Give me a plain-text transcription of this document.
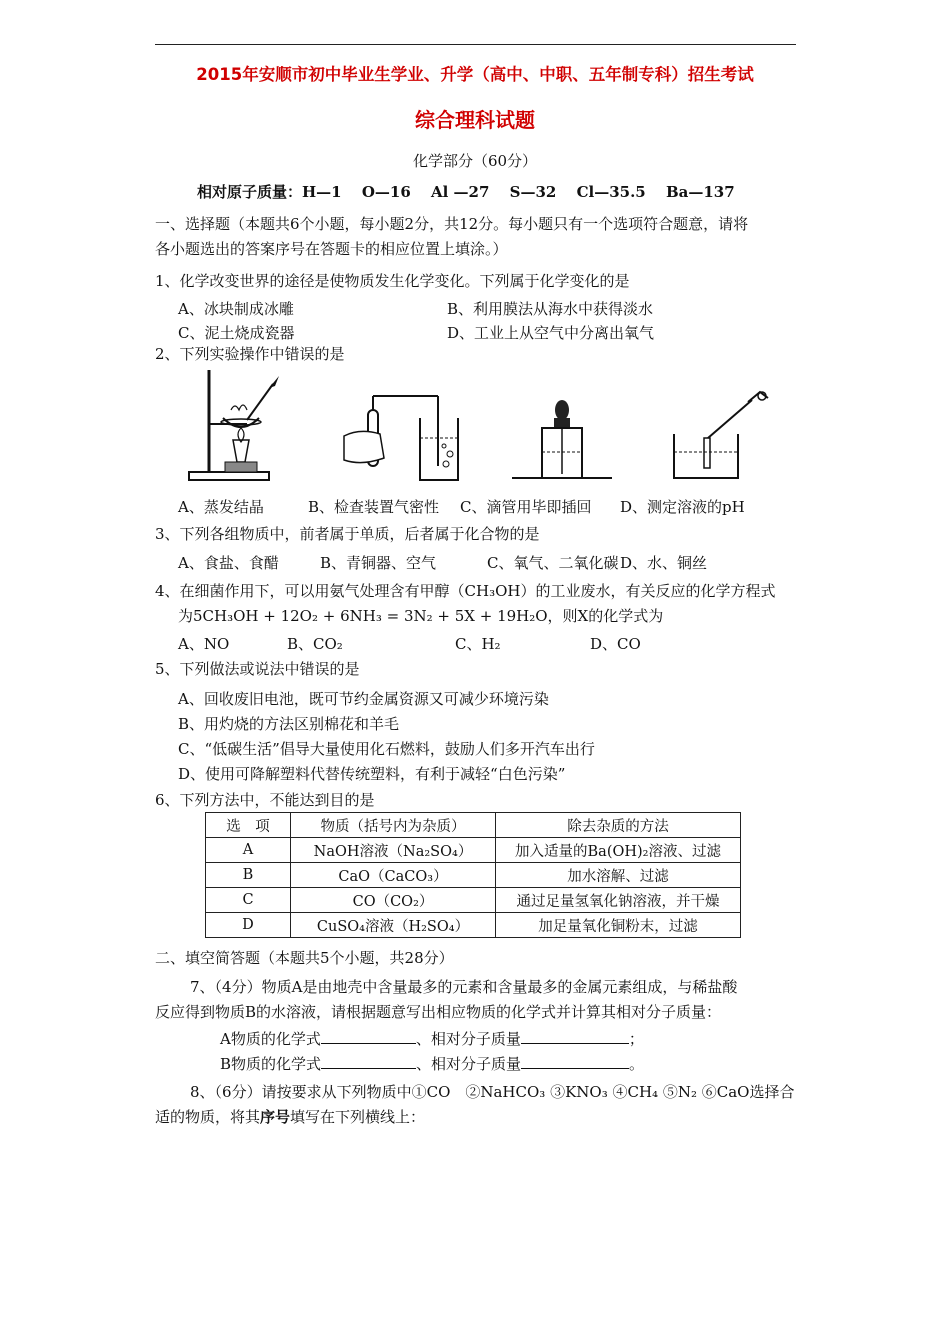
2015年安顺市初中毕业生学业、升学（高中、中职、五年制专科）招生考试
综合理科试题
化学部分（60分）
相对原子质量：H—1　 O—16　 Al —27　 S—32　 Cl—35.5　 Ba—137
一、选择题（本题共6个小题，每小题2分，共12分。每小题只有一个选项符合题意，请将
各小题选出的答案序号在答题卡的相应位置上填涂。）
1、化学改变世界的途径是使物质发生化学变化。下列属于化学变化的是
A、冰块制成冰雕	B、利用膜法从海水中获得淡水
C、泥土烧成瓷器	D、工业上从空气中分离出氧气
2、下列实验操作中错误的是
A、蒸发结晶	B、检查装置气密性 C、滴管用毕即插回 D、测定溶液的pH
3、下列各组物质中，前者属于单质，后者属于化合物的是
A、食盐、食醋	B、青铜器、空气	C、氧气、二氧化碳 D、水、铜丝
4、在细菌作用下，可以用氨气处理含有甲醇（CH₃OH）的工业废水，有关反应的化学方程式
为5CH₃OH + 12O₂ + 6NH₃ = 3N₂ + 5X + 19H₂O，则X的化学式为
A、NO	B、CO₂	C、H₂	D、CO
5、下列做法或说法中错误的是
A、回收废旧电池，既可节约金属资源又可减少环境污染
B、用灼烧的方法区别棉花和羊毛
C、“低碳生活”倡导大量使用化石燃料，鼓励人们多开汽车出行
D、使用可降解塑料代替传统塑料，有利于减轻“白色污染”
6、下列方法中，不能达到目的是
选　项	物质（括号内为杂质）	除去杂质的方法
A	NaOH溶液（Na₂SO₄）	加入适量的Ba(OH)₂溶液、过滤
B	CaO（CaCO₃）	加水溶解、过滤
C	CO（CO₂）	通过足量氢氧化钠溶液，并干燥
D	CuSO₄溶液（H₂SO₄）	加足量氧化铜粉末，过滤
二、填空简答题（本题共5个小题，共28分）
7、（4分）物质A是由地壳中含量最多的元素和含量最多的金属元素组成，与稀盐酸
反应得到物质B的水溶液，请根据题意写出相应物质的化学式并计算其相对分子质量：
A物质的化学式	、相对分子质量	；
B物质的化学式	、相对分子质量	。
8、（6分）请按要求从下列物质中①CO　②NaHCO₃ ③KNO₃ ④CH₄ ⑤N₂ ⑥CaO选择合
适的物质，将其序号填写在下列横线上：
